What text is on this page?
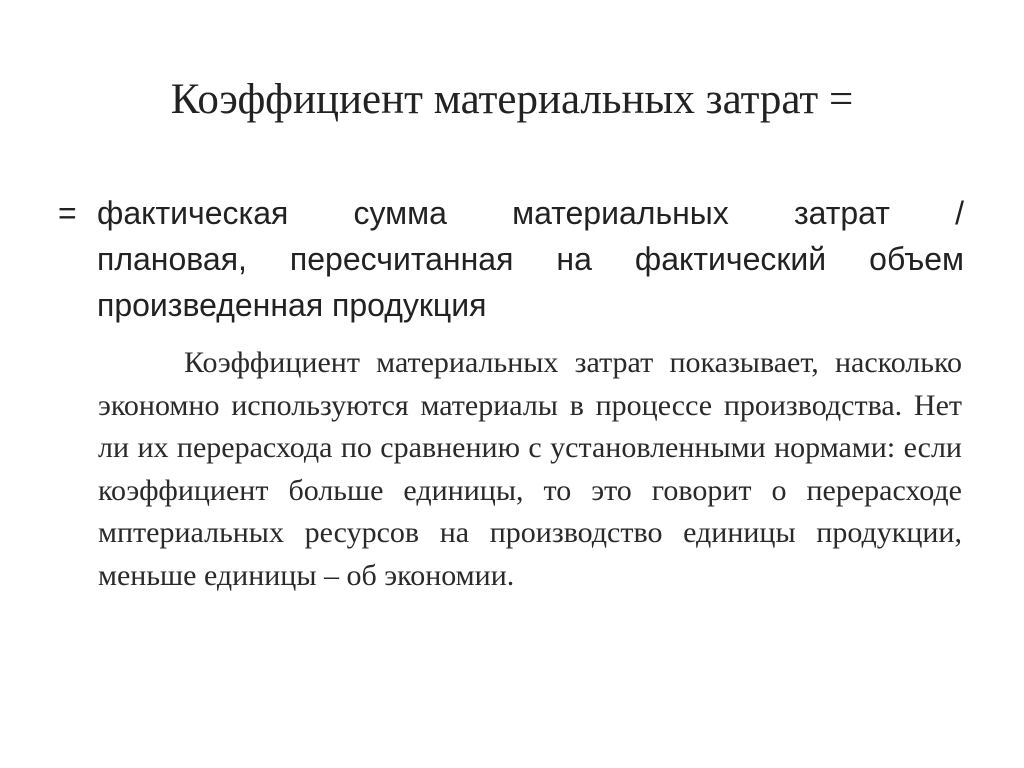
Коэффициент материальных затрат =
= фактическая сумма материальных затрат /
плановая, пересчитанная на фактический объем произведенная продукция

Коэффициент материальных затрат показывает, насколько экономно используются материалы в процессе производства. Нет ли их перерасхода по сравнению с установленными нормами: если коэффициент больше единицы, то это говорит о перерасходе мптериальных ресурсов на производство единицы продукции, меньше единицы – об экономии.
